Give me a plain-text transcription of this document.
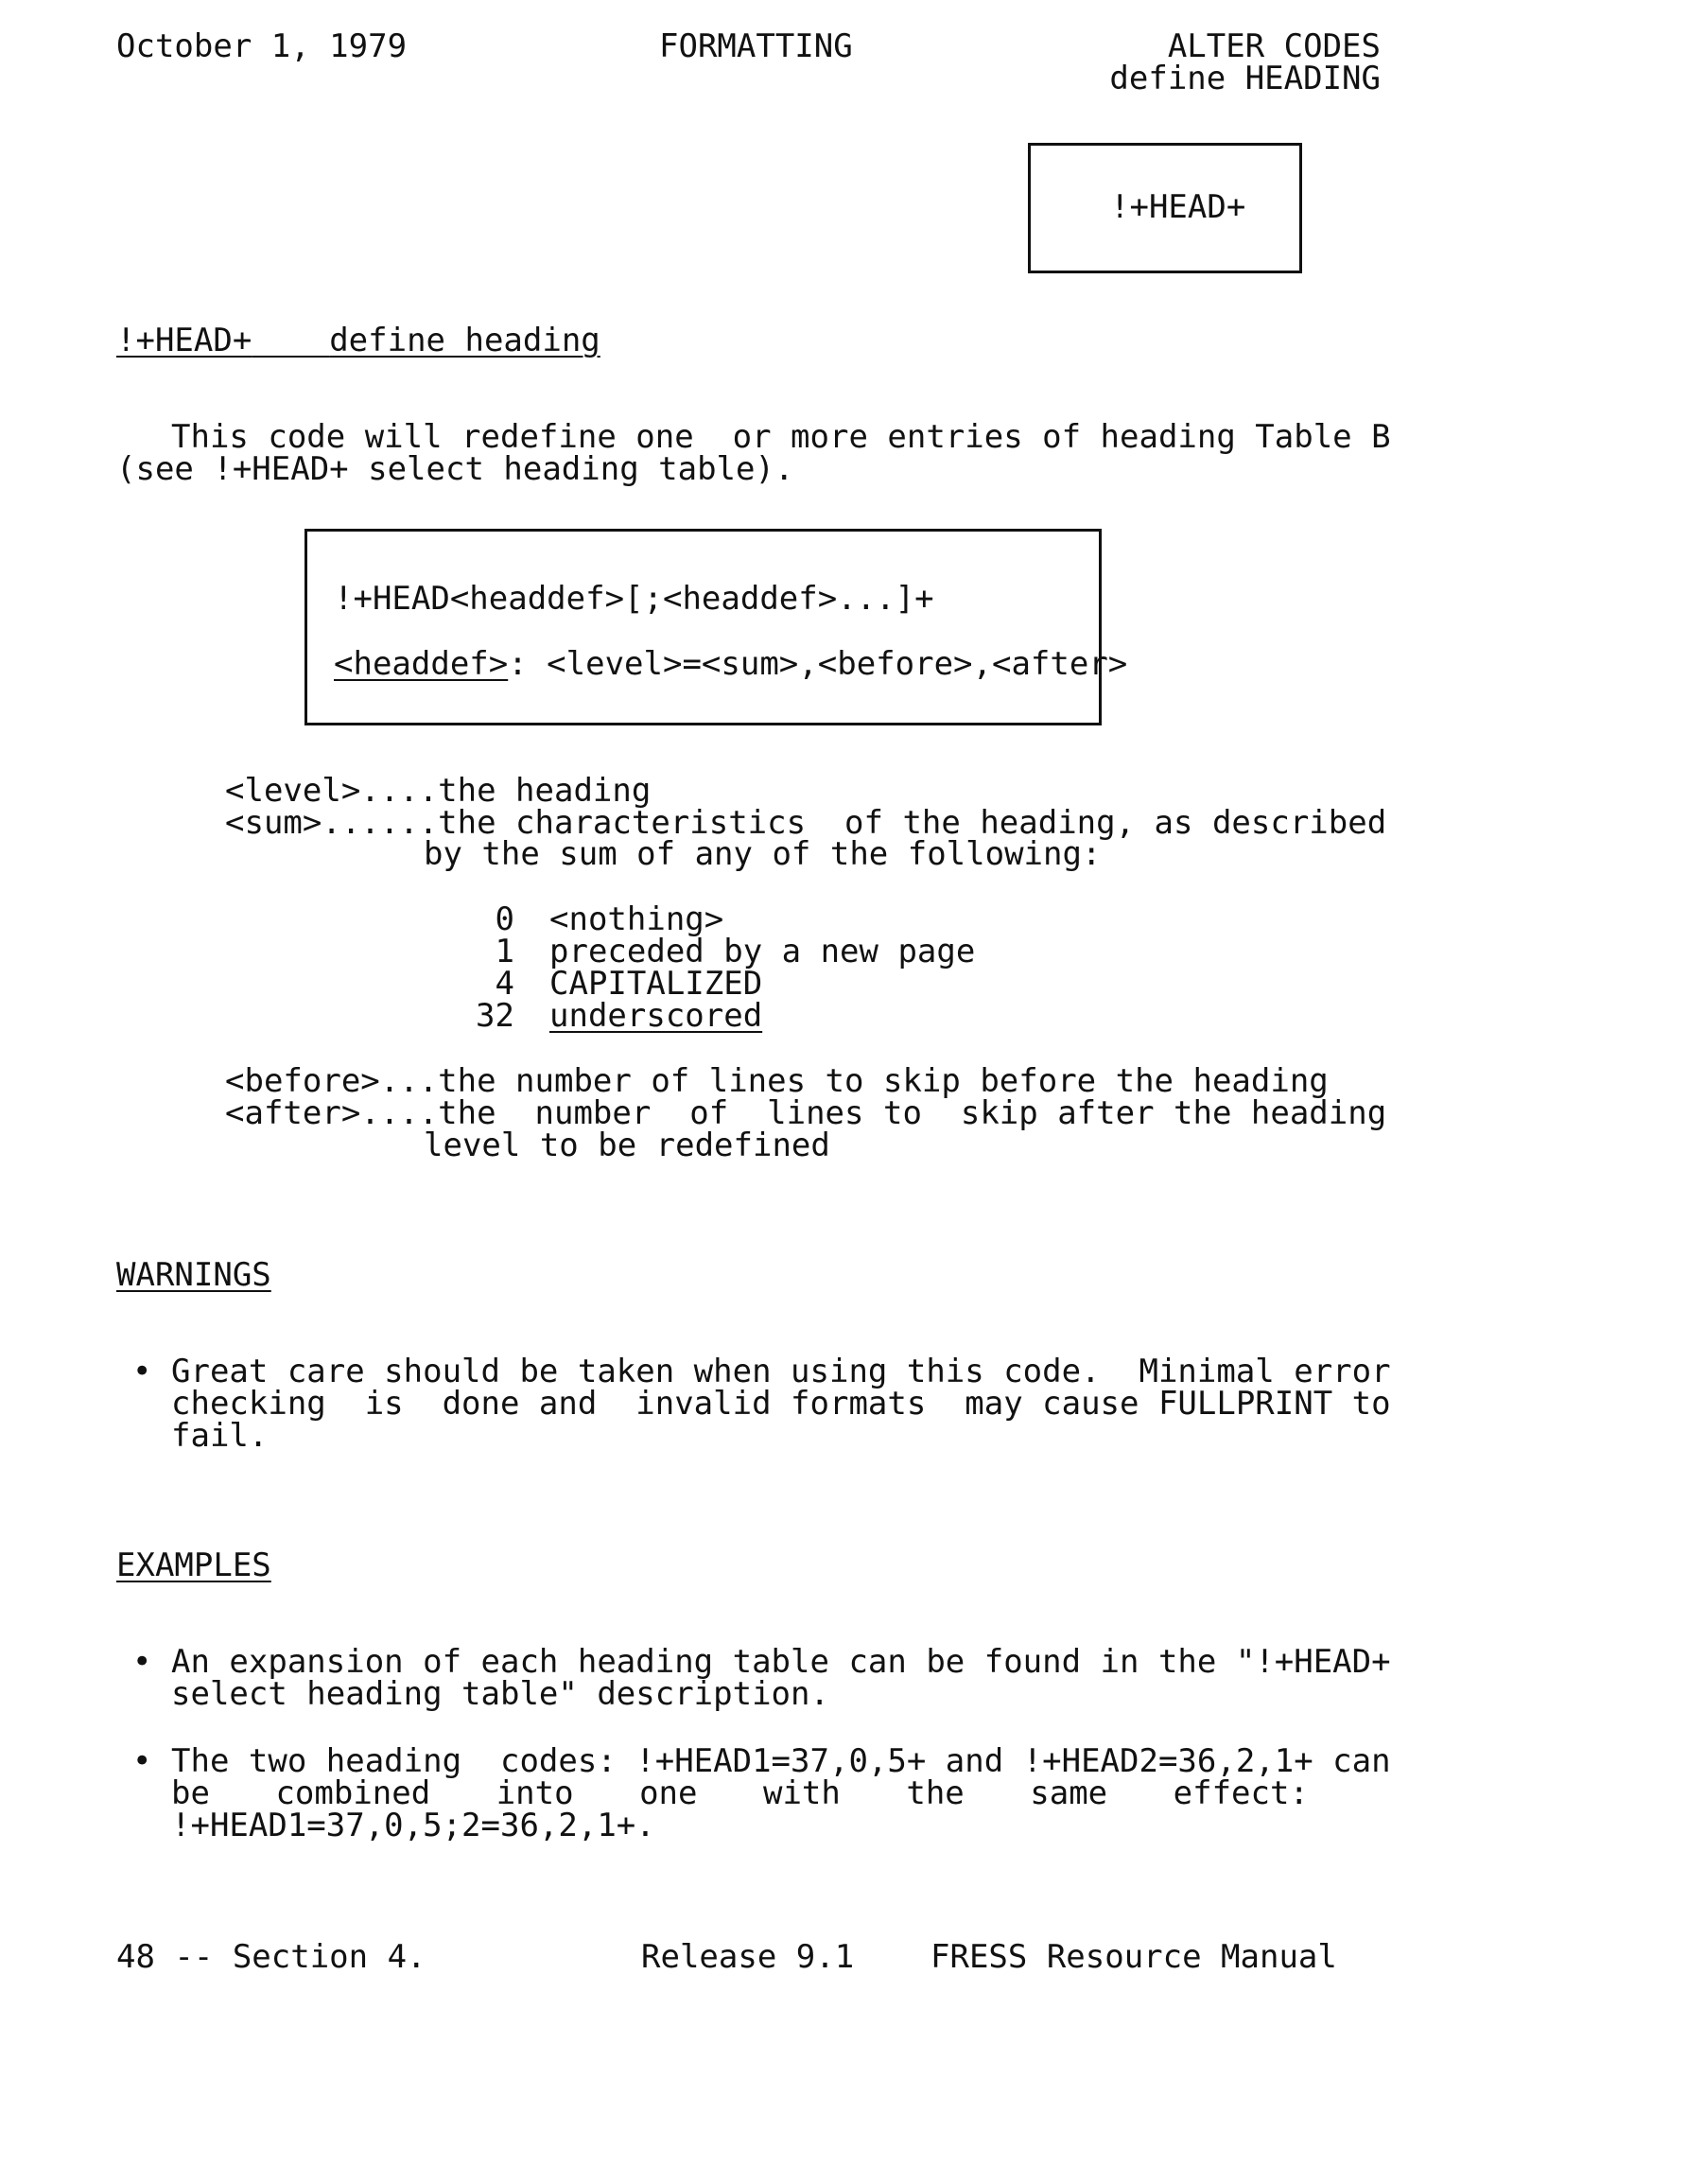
October 1, 1979	FORMATTING	ALTER CODES
define HEADING
!+HEAD+
!+HEAD+ define heading
This code will redefine one  or more entries of heading Table B
(see !+HEAD+ select heading table).
!+HEAD<headdef>[;<headdef>...]+
<headdef>: <level>=<sum>,<before>,<after>
<level>....the heading
<sum>......the characteristics  of the heading, as described
by the sum of any of the following:
0 <nothing>
1 preceded by a new page
4 CAPITALIZED
32 underscored
<before>...the number of lines to skip before the heading
<after>....the  number  of  lines to  skip after the heading
level to be redefined
WARNINGS
• Great care should be taken when using this code.  Minimal error
checking  is  done and  invalid formats  may cause FULLPRINT to
fail.
EXAMPLES
• An expansion of each heading table can be found in the "!+HEAD+
select heading table" description.
• The two heading  codes: !+HEAD1=37,0,5+ and !+HEAD2=36,2,1+ can
be combined into one with the same effect:
!+HEAD1=37,0,5;2=36,2,1+.
48 -- Section 4.	Release 9.1 FRESS Resource Manual
